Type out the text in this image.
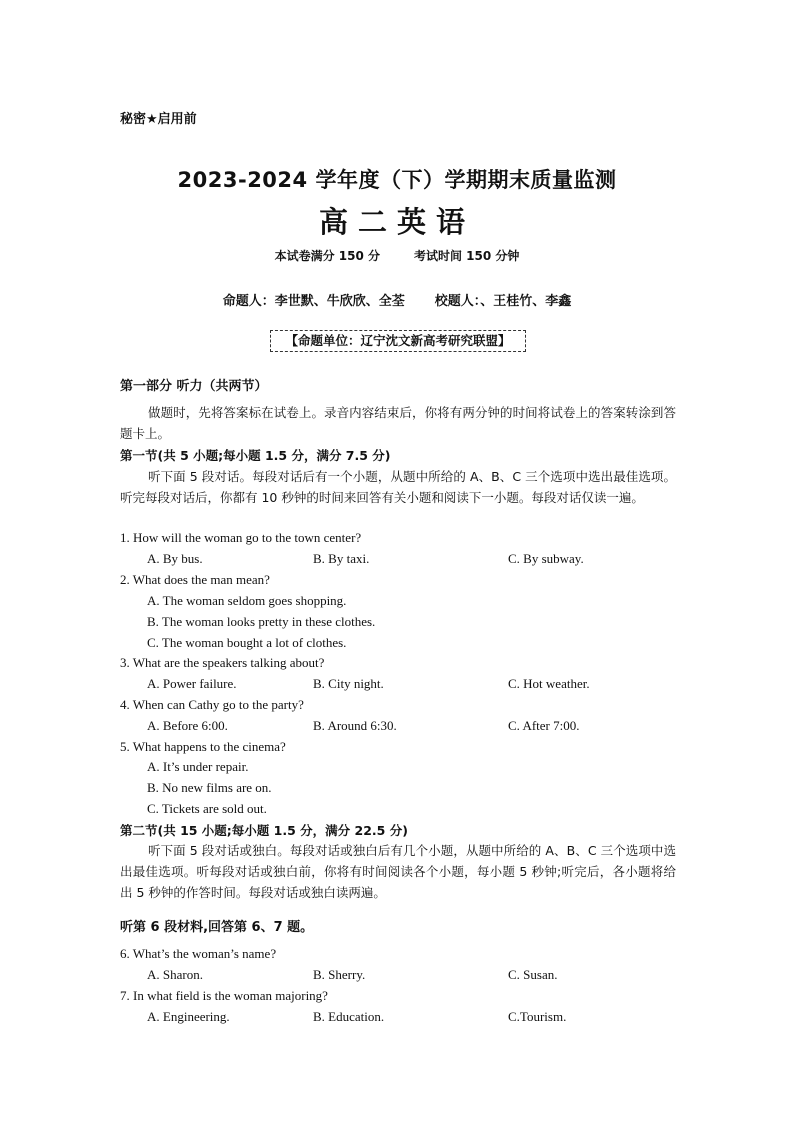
秘密★启用前
2023-2024 学年度（下）学期期末质量监测
高二英语
本试卷满分 150 分	考试时间 150 分钟
命题人：李世默、牛欣欣、全荃 校题人：、王桂竹、李鑫
【命题单位：辽宁沈文新高考研究联盟】
第一部分 听力（共两节）
做题时，先将答案标在试卷上。录音内容结束后，你将有两分钟的时间将试卷上的答案转涂到答题卡上。
第一节(共 5 小题;每小题 1.5 分，满分 7.5 分)
听下面 5 段对话。每段对话后有一个小题，从题中所给的 A、B、C 三个选项中选出最佳选项。听完每段对话后，你都有 10 秒钟的时间来回答有关小题和阅读下一小题。每段对话仅读一遍。
1. How will the woman go to the town center?
A. By bus.	B. By taxi.	C. By subway.
2. What does the man mean?
A. The woman seldom goes shopping.
B. The woman looks pretty in these clothes.
C. The woman bought a lot of clothes.
3. What are the speakers talking about?
A. Power failure.	B. City night.	C. Hot weather.
4. When can Cathy go to the party?
A. Before 6:00.	B. Around 6:30.	C. After 7:00.
5. What happens to the cinema?
A. It’s under repair.
B. No new films are on.
C. Tickets are sold out.
第二节(共 15 小题;每小题 1.5 分，满分 22.5 分)
听下面 5 段对话或独白。每段对话或独白后有几个小题，从题中所给的 A、B、C 三个选项中选出最佳选项。听每段对话或独白前，你将有时间阅读各个小题，每小题 5 秒钟;听完后，各小题将给出 5 秒钟的作答时间。每段对话或独白读两遍。
听第 6 段材料,回答第 6、7 题。
6. What’s the woman’s name?
A. Sharon.	B. Sherry.	C. Susan.
7. In what field is the woman majoring?
A. Engineering.	B. Education.	C.Tourism.
